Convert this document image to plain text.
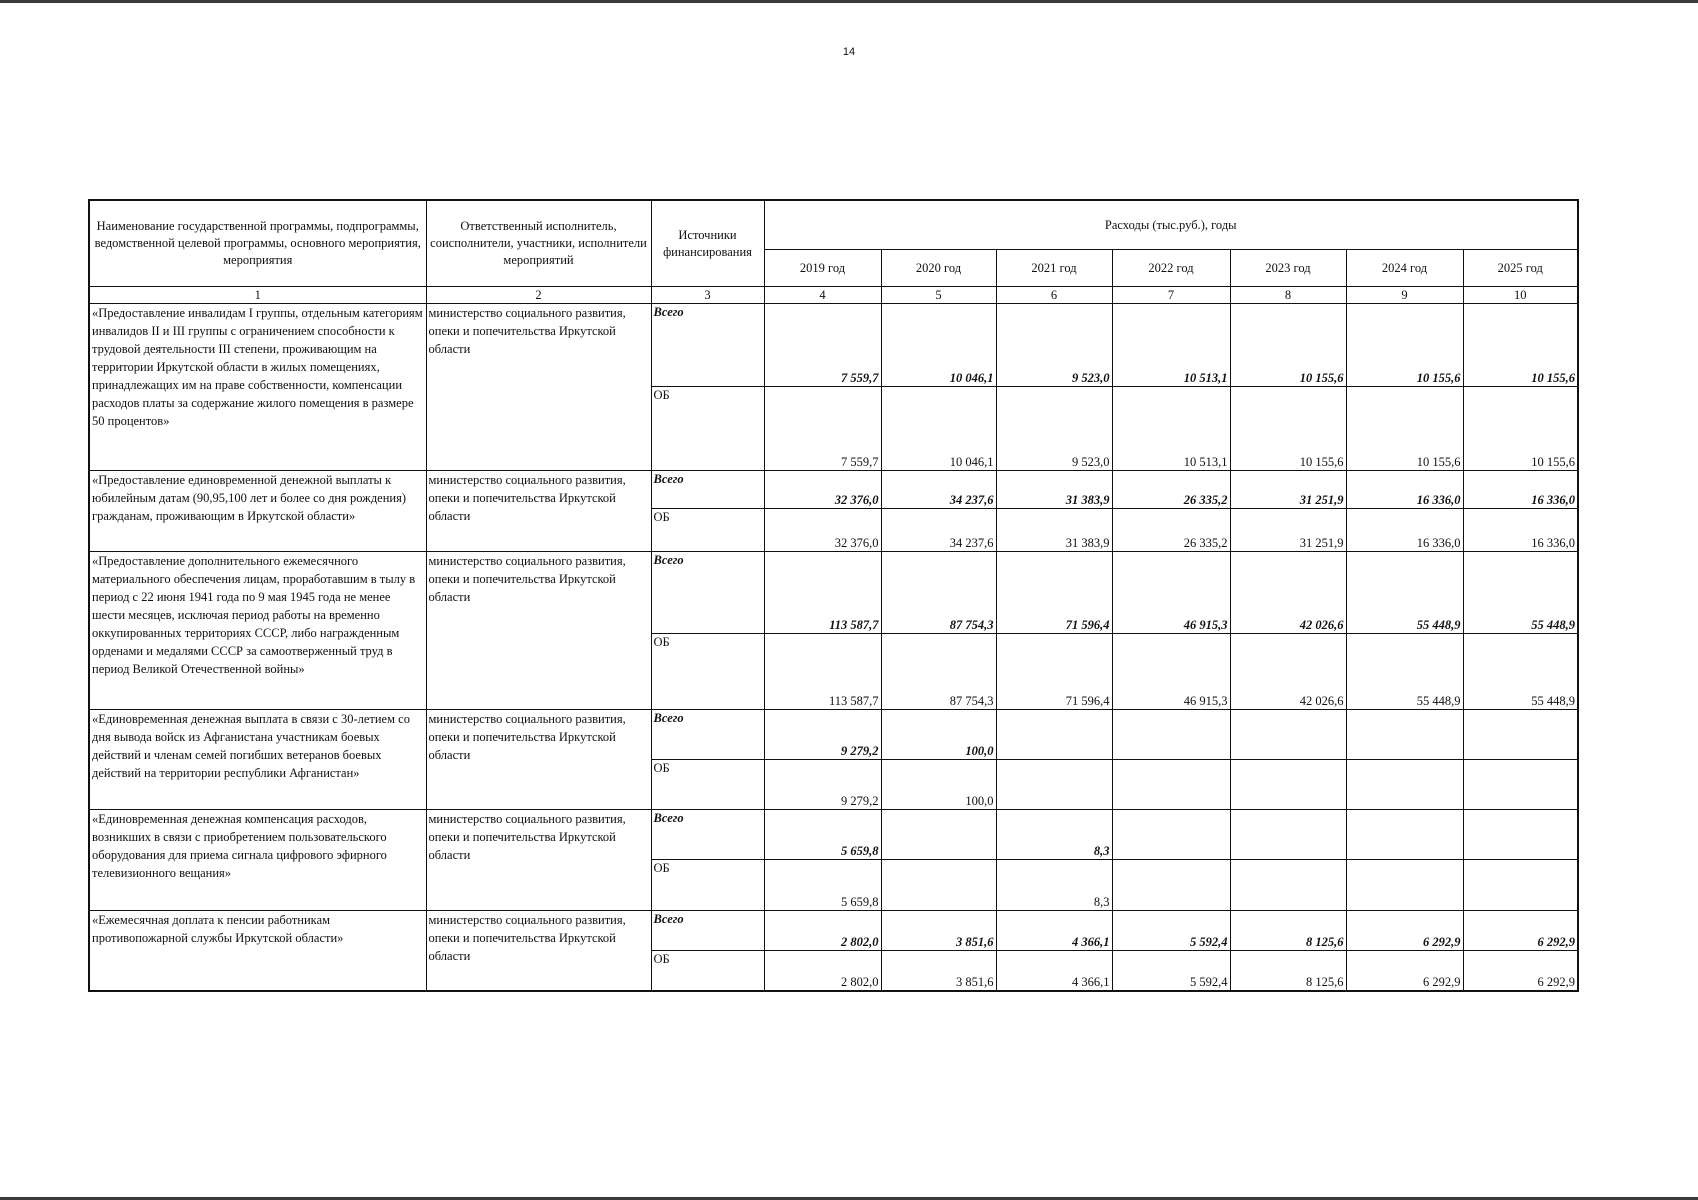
14
Наименование государственной программы, подпрограммы, ведомственной целевой программы, основного мероприятия, мероприятия	Ответственный исполнитель, соисполнители, участники, исполнители мероприятий	Источники финансирования	Расходы (тыс.руб.), годы						
			2019 год	2020 год	2021 год	2022 год	2023 год	2024 год	2025 год
1	2	3	4	5	6	7	8	9	10
«Предоставление инвалидам I группы, отдельным категориям инвалидов II и III группы с ограничением способности к трудовой деятельности III степени, проживающим на территории Иркутской области в жилых помещениях, принадлежащих им на праве собственности, компенсации расходов платы за содержание жилого помещения в размере 50 процентов»	министерство социального развития, опеки и попечительства Иркутской области	Всего	7 559,7	10 046,1	9 523,0	10 513,1	10 155,6	10 155,6	10 155,6
		ОБ	7 559,7	10 046,1	9 523,0	10 513,1	10 155,6	10 155,6	10 155,6
«Предоставление единовременной денежной выплаты к юбилейным датам (90,95,100 лет и более со дня рождения) гражданам, проживающим в Иркутской области»	министерство социального развития, опеки и попечительства Иркутской области	Всего	32 376,0	34 237,6	31 383,9	26 335,2	31 251,9	16 336,0	16 336,0
		ОБ	32 376,0	34 237,6	31 383,9	26 335,2	31 251,9	16 336,0	16 336,0
«Предоставление дополнительного ежемесячного материального обеспечения лицам, проработавшим в тылу в период с 22 июня 1941 года по 9 мая 1945 года не менее шести месяцев, исключая период работы на временно оккупированных территориях СССР, либо награжденным орденами и медалями СССР за самоотверженный труд в период Великой Отечественной войны»	министерство социального развития, опеки и попечительства Иркутской области	Всего	113 587,7	87 754,3	71 596,4	46 915,3	42 026,6	55 448,9	55 448,9
		ОБ	113 587,7	87 754,3	71 596,4	46 915,3	42 026,6	55 448,9	55 448,9
«Единовременная денежная выплата в связи с 30-летием со дня вывода войск из Афганистана участникам боевых действий и членам семей погибших ветеранов боевых действий на территории республики Афганистан»	министерство социального развития, опеки и попечительства Иркутской области	Всего	9 279,2	100,0					
		ОБ	9 279,2	100,0					
«Единовременная денежная компенсация расходов, возникших в связи с приобретением пользовательского оборудования для приема сигнала цифрового эфирного телевизионного вещания»	министерство социального развития, опеки и попечительства Иркутской области	Всего	5 659,8		8,3				
		ОБ	5 659,8		8,3				
«Ежемесячная доплата к пенсии работникам противопожарной службы Иркутской области»	министерство социального развития, опеки и попечительства Иркутской области	Всего	2 802,0	3 851,6	4 366,1	5 592,4	8 125,6	6 292,9	6 292,9
		ОБ	2 802,0	3 851,6	4 366,1	5 592,4	8 125,6	6 292,9	6 292,9
